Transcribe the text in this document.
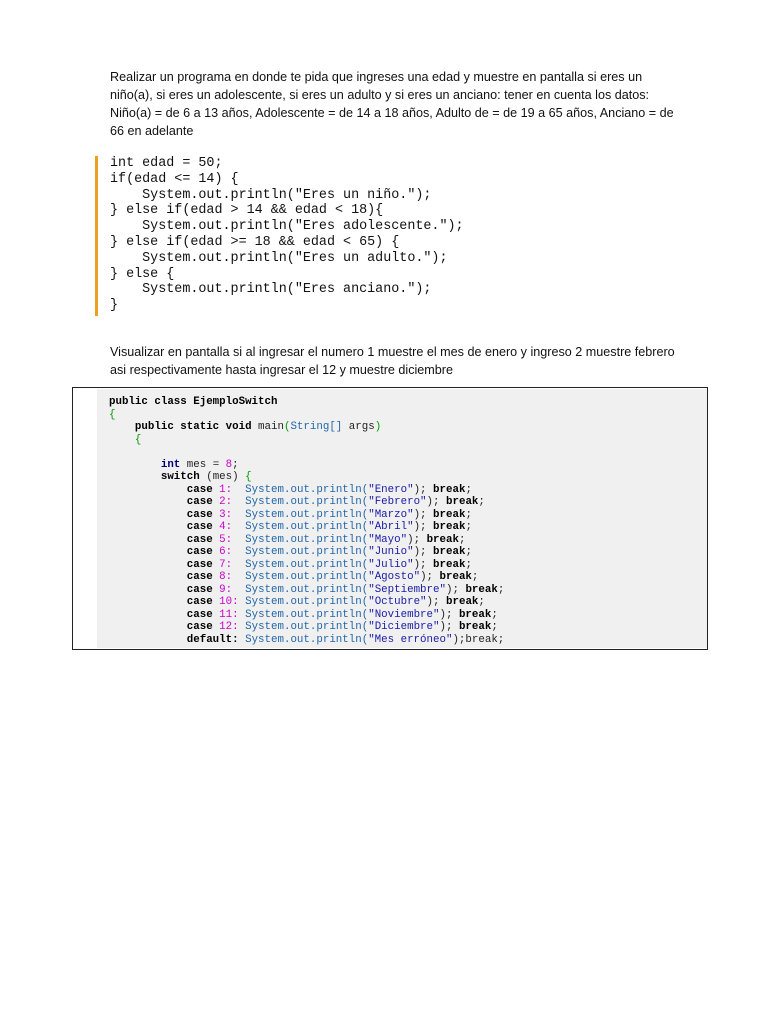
Realizar un programa en donde te pida que ingreses una edad y muestre en pantalla si eres un
niño(a), si eres un adolescente, si eres un adulto y si eres un anciano: tener en cuenta los datos:
Niño(a) = de 6 a 13 años, Adolescente = de 14 a 18 años, Adulto de = de 19 a 65 años, Anciano = de
66 en adelante
int edad = 50;
if(edad <= 14) {
System.out.println("Eres un niño.");
} else if(edad > 14 && edad < 18){
System.out.println("Eres adolescente.");
} else if(edad >= 18 && edad < 65) {
System.out.println("Eres un adulto.");
} else {
System.out.println("Eres anciano.");
}
Visualizar en pantalla si al ingresar el numero 1 muestre el mes de enero y ingreso 2 muestre febrero
asi respectivamente hasta ingresar el 12 y muestre diciembre
public class EjemploSwitch
{
public static void main(String[] args)
{

int mes = 8;
switch (mes) {
case 1: System.out.println("Enero"); break;
case 2: System.out.println("Febrero"); break;
case 3: System.out.println("Marzo"); break;
case 4: System.out.println("Abril"); break;
case 5: System.out.println("Mayo"); break;
case 6: System.out.println("Junio"); break;
case 7: System.out.println("Julio"); break;
case 8: System.out.println("Agosto"); break;
case 9: System.out.println("Septiembre"); break;
case 10: System.out.println("Octubre"); break;
case 11: System.out.println("Noviembre"); break;
case 12: System.out.println("Diciembre"); break;
default: System.out.println("Mes erróneo");break;
